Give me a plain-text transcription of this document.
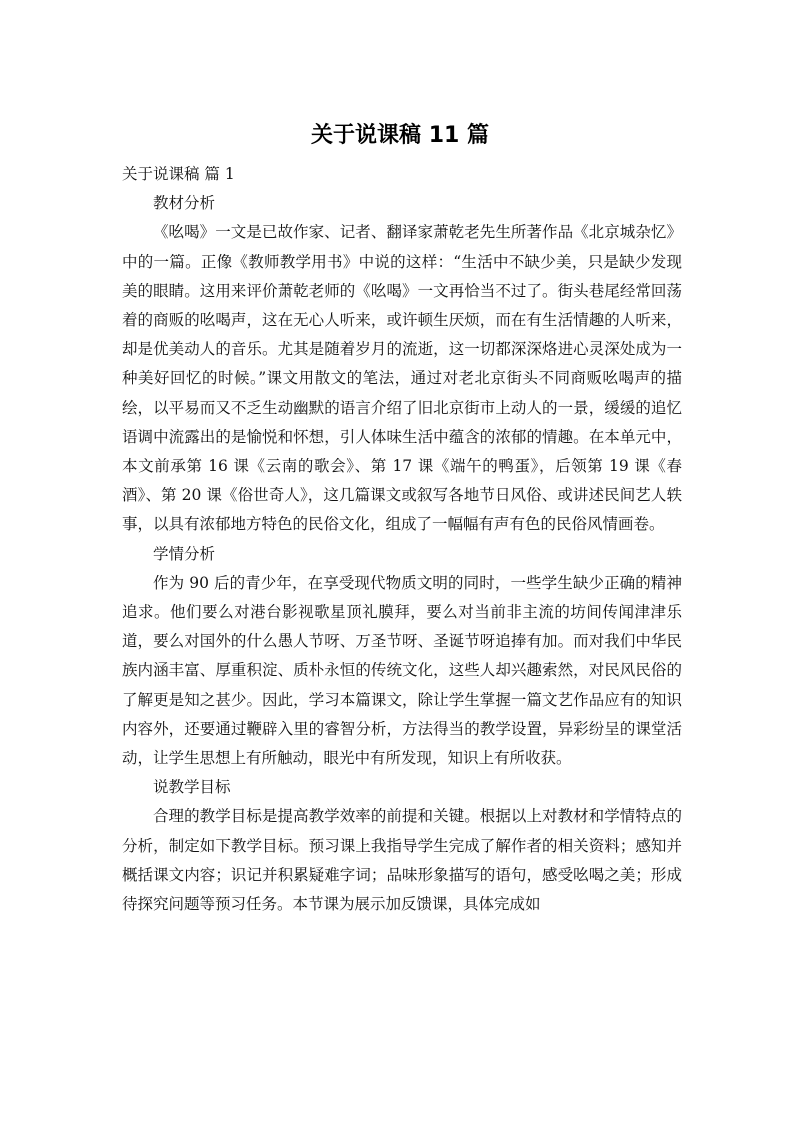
关于说课稿 11 篇

关于说课稿 篇 1

教材分析

《吆喝》一文是已故作家、记者、翻译家萧乾老先生所著作品《北京城杂忆》中的一篇。正像《教师教学用书》中说的这样：“生活中不缺少美，只是缺少发现美的眼睛。这用来评价萧乾老师的《吆喝》一文再恰当不过了。街头巷尾经常回荡着的商贩的吆喝声，这在无心人听来，或许顿生厌烦，而在有生活情趣的人听来，却是优美动人的音乐。尤其是随着岁月的流逝，这一切都深深烙进心灵深处成为一种美好回忆的时候。”课文用散文的笔法，通过对老北京街头不同商贩吆喝声的描绘，以平易而又不乏生动幽默的语言介绍了旧北京街市上动人的一景，缓缓的追忆语调中流露出的是愉悦和怀想，引人体味生活中蕴含的浓郁的情趣。在本单元中，本文前承第 16 课《云南的歌会》、第 17 课《端午的鸭蛋》，后领第 19 课《春酒》、第 20 课《俗世奇人》，这几篇课文或叙写各地节日风俗、或讲述民间艺人轶事，以具有浓郁地方特色的民俗文化，组成了一幅幅有声有色的民俗风情画卷。

学情分析

作为 90 后的青少年，在享受现代物质文明的同时，一些学生缺少正确的精神追求。他们要么对港台影视歌星顶礼膜拜，要么对当前非主流的坊间传闻津津乐道，要么对国外的什么愚人节呀、万圣节呀、圣诞节呀追捧有加。而对我们中华民族内涵丰富、厚重积淀、质朴永恒的传统文化，这些人却兴趣索然，对民风民俗的了解更是知之甚少。因此，学习本篇课文，除让学生掌握一篇文艺作品应有的知识内容外，还要通过鞭辟入里的睿智分析，方法得当的教学设置，异彩纷呈的课堂活动，让学生思想上有所触动，眼光中有所发现，知识上有所收获。

说教学目标

合理的教学目标是提高教学效率的前提和关键。根据以上对教材和学情特点的分析，制定如下教学目标。预习课上我指导学生完成了解作者的相关资料；感知并概括课文内容；识记并积累疑难字词；品味形象描写的语句，感受吆喝之美；形成待探究问题等预习任务。本节课为展示加反馈课，具体完成如
